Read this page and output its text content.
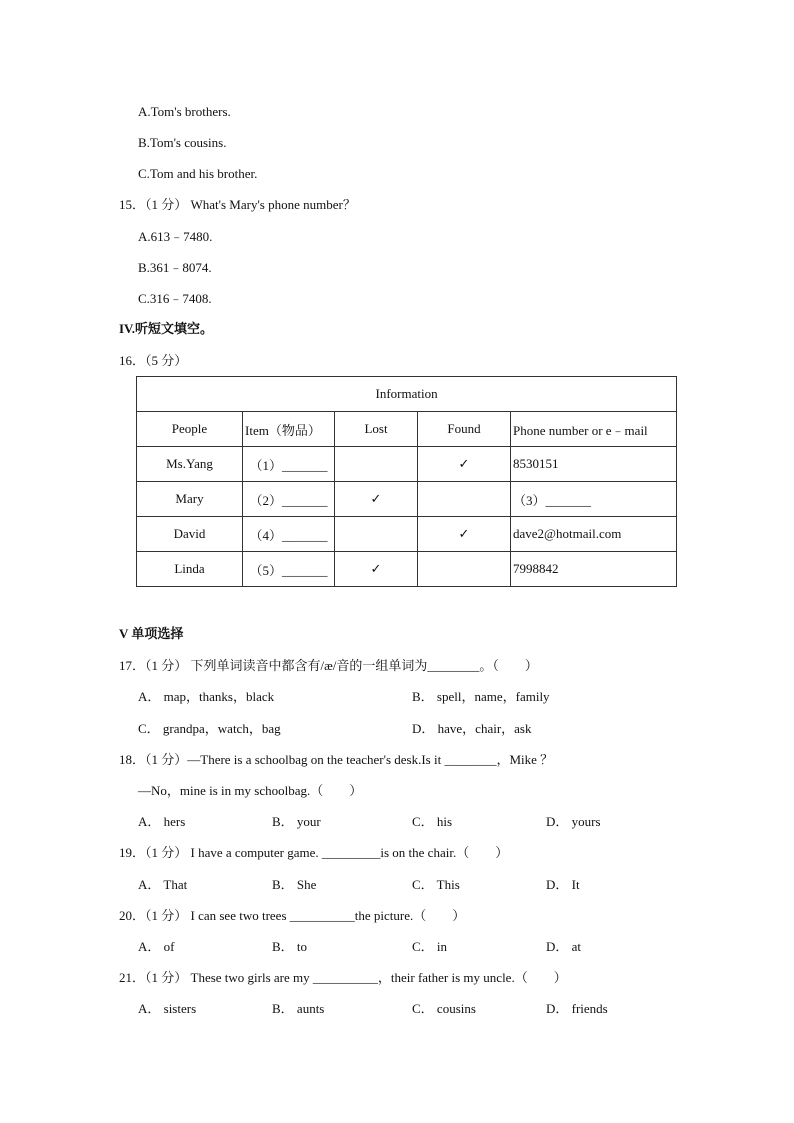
A.Tom's brothers.
B.Tom's cousins.
C.Tom and his brother.
15．（1 分） What's Mary's phone number？
A.613﹣7480.
B.361﹣8074.
C.316﹣7408.
IV.听短文填空。
16．（5 分）
Information				
People	Item（物品）	Lost	Found	Phone number or e﹣mail
Ms.Yang	（1）_______		✓	8530151
Mary	（2）_______	✓		（3）_______
David	（4）_______		✓	dave2@hotmail.com
Linda	（5）_______	✓		7998842
V 单项选择
17．（1 分） 下列单词读音中都含有/æ/音的一组单词为________。（　　）
A． map，thanks，black	B． spell，name，family
C． grandpa，watch，bag	D． have，chair，ask
18．（1 分）—There is a schoolbag on the teacher's desk.Is it ________，Mike ？
—No，mine is in my schoolbag.（　　）
A． hers	B． your	C． his	D． yours
19．（1 分） I have a computer game. _________is on the chair.（　　）
A． That	B． She	C． This	D． It
20．（1 分） I can see two trees __________the picture.（　　）
A． of	B． to	C． in	D． at
21．（1 分） These two girls are my __________，their father is my uncle.（　　）
A． sisters	B． aunts	C． cousins	D． friends
